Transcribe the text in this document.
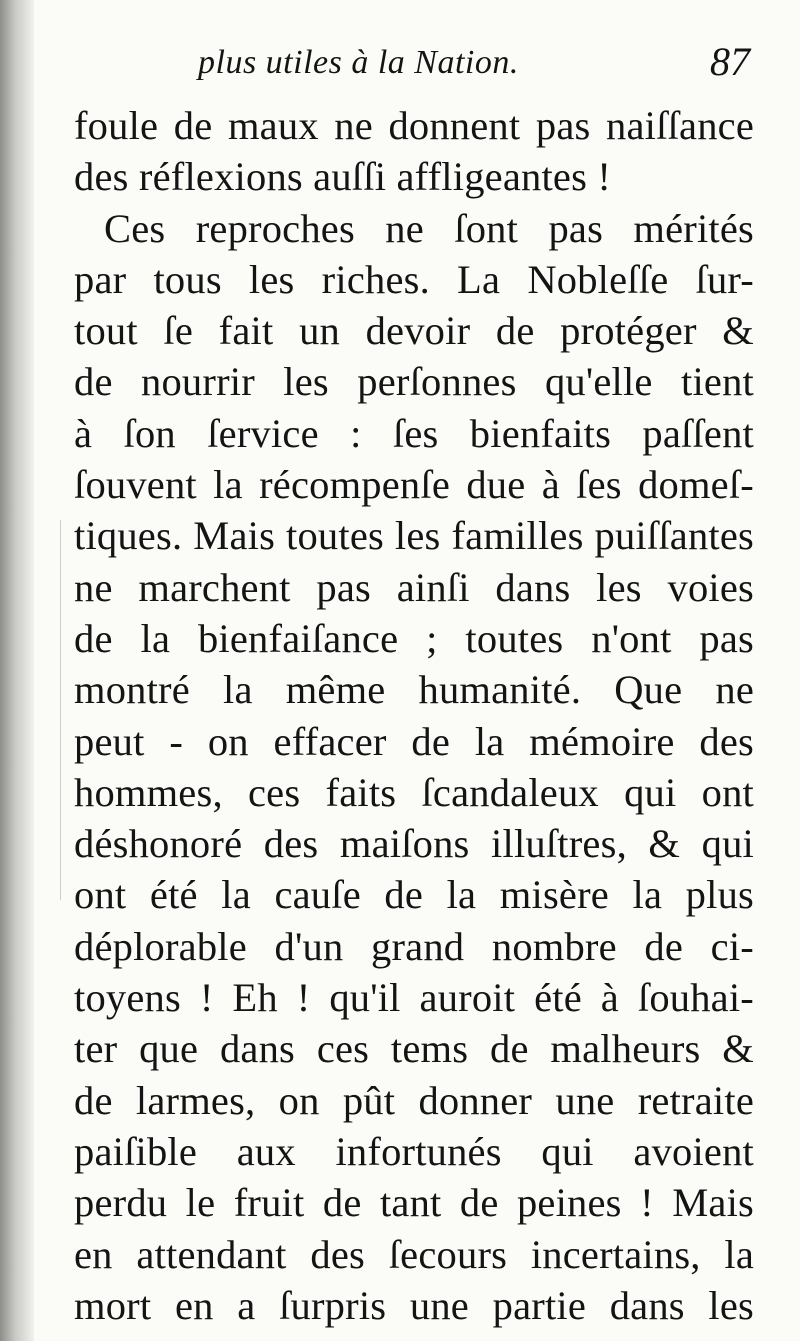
plus utiles à la Nation.	87
foule de maux ne donnent pas naiſſance
des réflexions auſſi affligeantes !
Ces reproches ne ſont pas mérités
par tous les riches. La Nobleſſe ſur-
tout ſe fait un devoir de protéger &
de nourrir les perſonnes qu'elle tient
à ſon ſervice : ſes bienfaits paſſent
ſouvent la récompenſe due à ſes domeſ-
tiques. Mais toutes les familles puiſſantes
ne marchent pas ainſi dans les voies
de la bienfaiſance ; toutes n'ont pas
montré la même humanité. Que ne
peut - on effacer de la mémoire des
hommes, ces faits ſcandaleux qui ont
déshonoré des maiſons illuſtres, & qui
ont été la cauſe de la misère la plus
déplorable d'un grand nombre de ci-
toyens ! Eh ! qu'il auroit été à ſouhai-
ter que dans ces tems de malheurs &
de larmes, on pût donner une retraite
paiſible aux infortunés qui avoient
perdu le fruit de tant de peines ! Mais
en attendant des ſecours incertains, la
mort en a ſurpris une partie dans les
